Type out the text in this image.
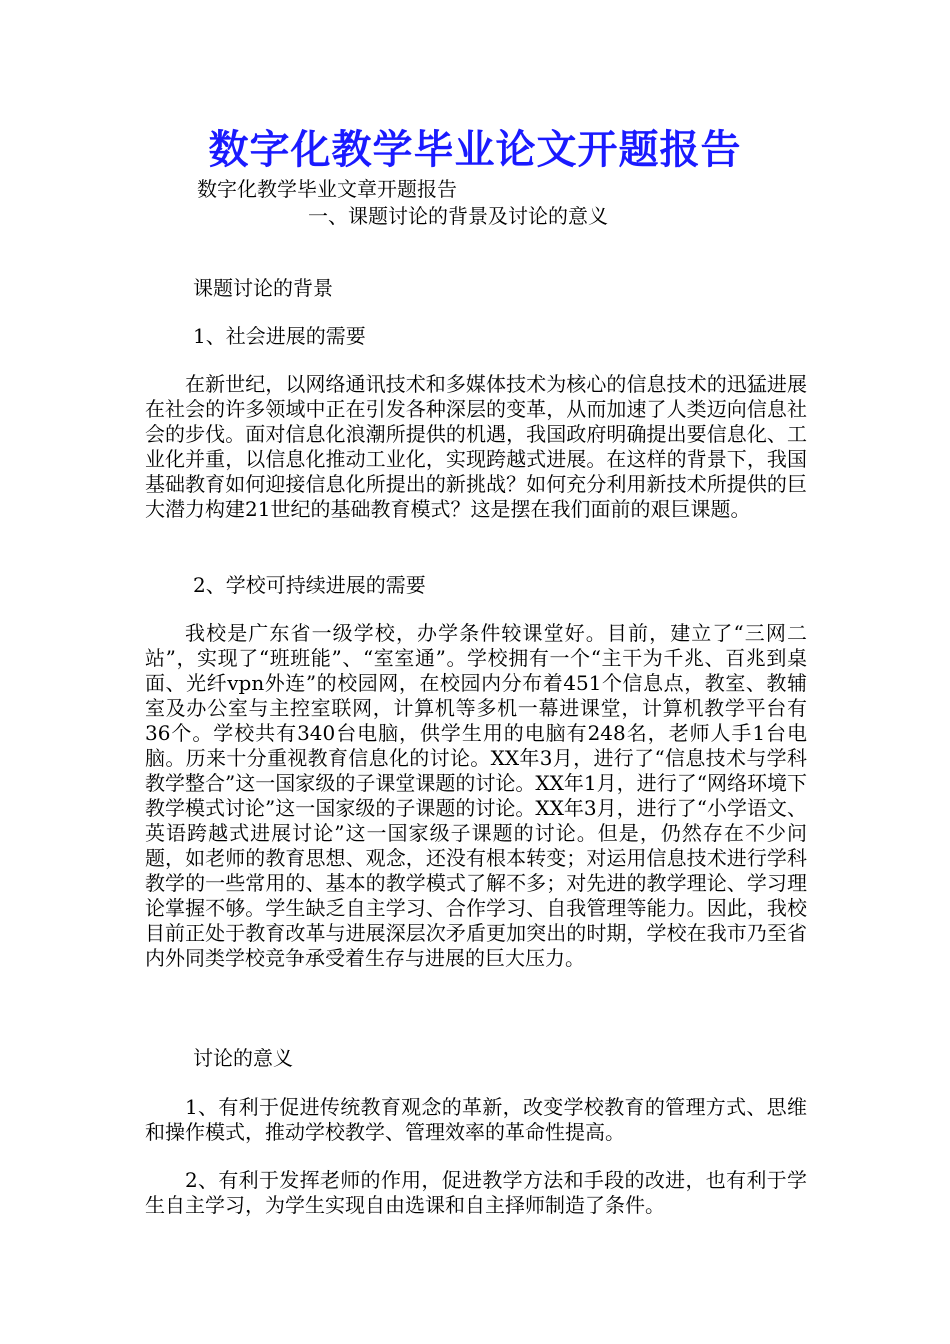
数字化教学毕业论文开题报告
数字化教学毕业文章开题报告
一、课题讨论的背景及讨论的意义
课题讨论的背景
1、社会进展的需要
在新世纪，以网络通讯技术和多媒体技术为核心的信息技术的迅猛进展在社会的许多领域中正在引发各种深层的变革，从而加速了人类迈向信息社会的步伐。面对信息化浪潮所提供的机遇，我国政府明确提出要信息化、工业化并重，以信息化推动工业化，实现跨越式进展。在这样的背景下，我国基础教育如何迎接信息化所提出的新挑战？如何充分利用新技术所提供的巨大潜力构建21世纪的基础教育模式？这是摆在我们面前的艰巨课题。
2、学校可持续进展的需要
我校是广东省一级学校，办学条件较课堂好。目前，建立了“三网二站”，实现了“班班能”、“室室通”。学校拥有一个“主干为千兆、百兆到桌面、光纤vpn外连”的校园网，在校园内分布着451个信息点，教室、教辅室及办公室与主控室联网，计算机等多机一幕进课堂，计算机教学平台有36个。学校共有340台电脑，供学生用的电脑有248名，老师人手1台电脑。历来十分重视教育信息化的讨论。XX年3月，进行了“信息技术与学科教学整合”这一国家级的子课堂课题的讨论。XX年1月，进行了“网络环境下教学模式讨论”这一国家级的子课题的讨论。XX年3月，进行了“小学语文、英语跨越式进展讨论”这一国家级子课题的讨论。但是，仍然存在不少问题，如老师的教育思想、观念，还没有根本转变；对运用信息技术进行学科教学的一些常用的、基本的教学模式了解不多；对先进的教学理论、学习理论掌握不够。学生缺乏自主学习、合作学习、自我管理等能力。因此，我校目前正处于教育改革与进展深层次矛盾更加突出的时期，学校在我市乃至省内外同类学校竞争承受着生存与进展的巨大压力。
讨论的意义
1、有利于促进传统教育观念的革新，改变学校教育的管理方式、思维和操作模式，推动学校教学、管理效率的革命性提高。
2、有利于发挥老师的作用，促进教学方法和手段的改进，也有利于学生自主学习，为学生实现自由选课和自主择师制造了条件。
